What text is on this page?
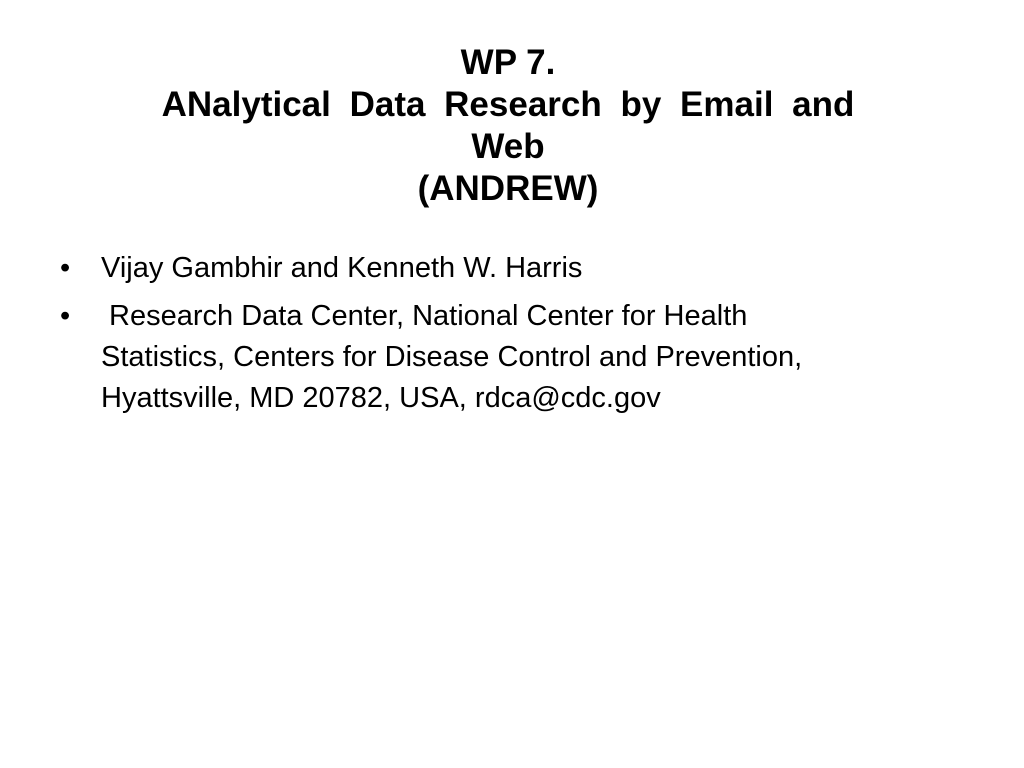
WP 7.
ANalytical Data Research by Email and
Web
(ANDREW)
•	Vijay Gambhir and Kenneth W. Harris
•	Research Data Center, National Center for Health
Statistics, Centers for Disease Control and Prevention,
Hyattsville, MD 20782, USA, rdca@cdc.gov
